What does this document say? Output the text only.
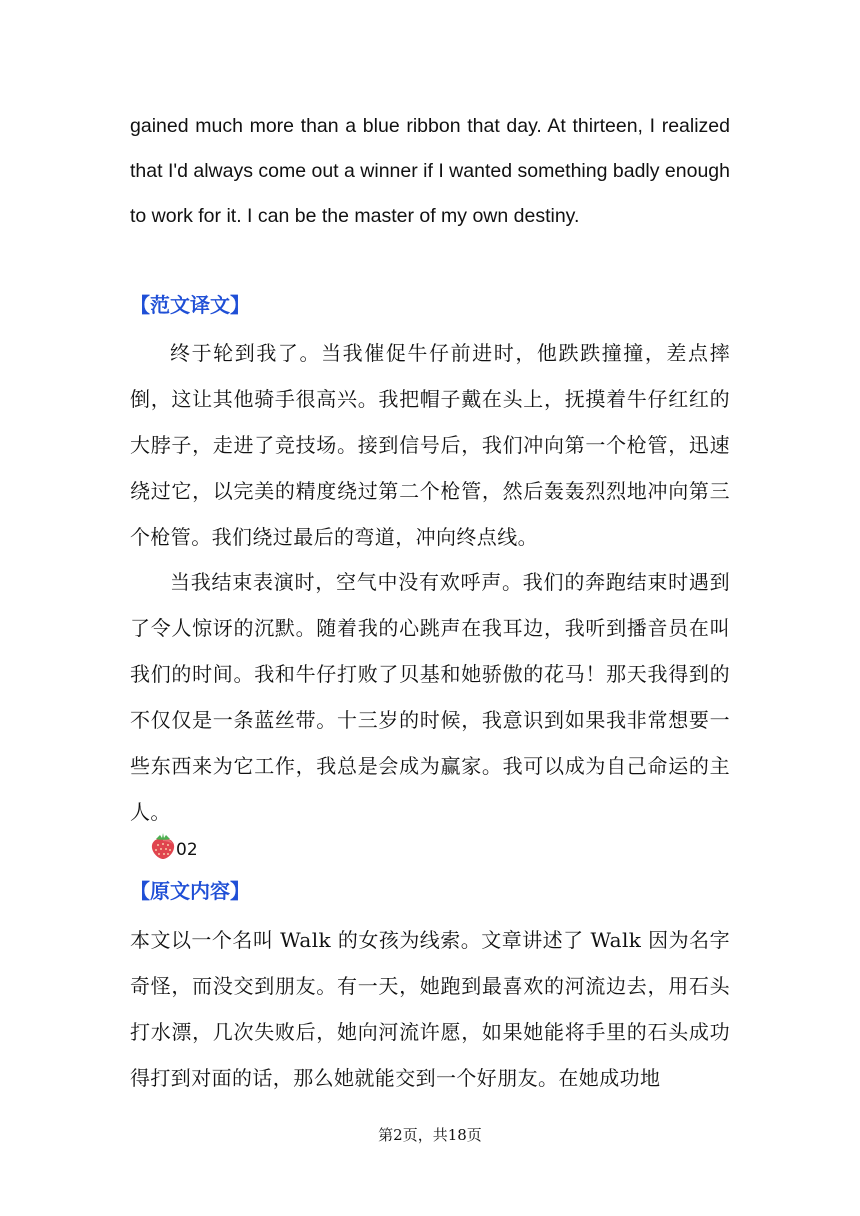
gained much more than a blue ribbon that day. At thirteen, I realized that I'd always come out a winner if I wanted something badly enough to work for it. I can be the master of my own destiny.

【范文译文】

终于轮到我了。当我催促牛仔前进时，他跌跌撞撞，差点摔倒，这让其他骑手很高兴。我把帽子戴在头上，抚摸着牛仔红红的大脖子，走进了竞技场。接到信号后，我们冲向第一个枪管，迅速绕过它，以完美的精度绕过第二个枪管，然后轰轰烈烈地冲向第三个枪管。我们绕过最后的弯道，冲向终点线。

当我结束表演时，空气中没有欢呼声。我们的奔跑结束时遇到了令人惊讶的沉默。随着我的心跳声在我耳边，我听到播音员在叫我们的时间。我和牛仔打败了贝基和她骄傲的花马！那天我得到的不仅仅是一条蓝丝带。十三岁的时候，我意识到如果我非常想要一些东西来为它工作，我总是会成为赢家。我可以成为自己命运的主人。

02
【原文内容】

本文以一个名叫 Walk 的女孩为线索。文章讲述了 Walk 因为名字奇怪，而没交到朋友。有一天，她跑到最喜欢的河流边去，用石头打水漂，几次失败后，她向河流许愿，如果她能将手里的石头成功得打到对面的话，那么她就能交到一个好朋友。在她成功地

第2页，共18页
